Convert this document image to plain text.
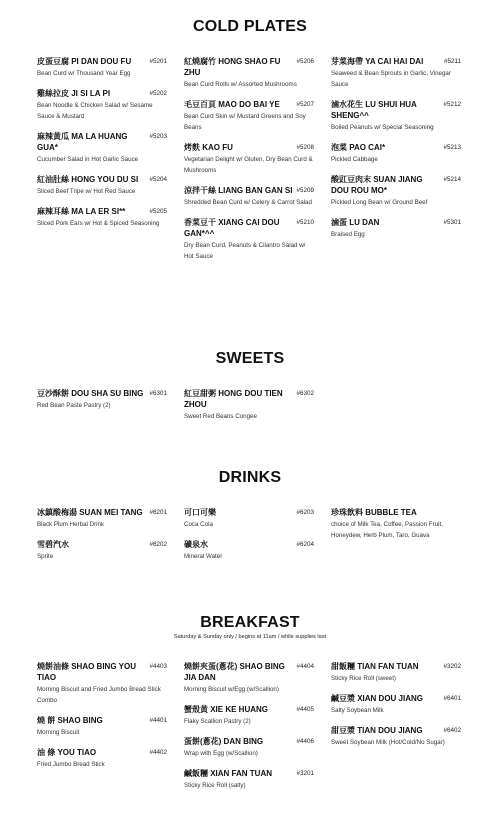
COLD PLATES
皮蛋豆腐 PI DAN DOU FU	#5201
Bean Curd w/ Thousand Year Egg
雞絲拉皮 JI SI LA PI	#5202
Bean Noodle & Chicken Salad w/ Sesame Sauce & Mustard
麻辣黃瓜 MA LA HUANG GUA*
#5203
Cucumber Salad in Hot Garlic Sauce
紅油肚絲 HONG YOU DU SI	#5204
Sliced Beef Tripe w/ Hot Red Sauce
麻辣耳絲 MA LA ER SI**	#5205
Sliced Pork Ears w/ Hot & Spiced Seasoning
紅燒腐竹 HONG SHAO FU ZHU
#5206
Bean Curd Rolls w/ Assorted Mushrooms
毛豆百頁 MAO DO BAI YE	#5207
Bean Curd Skin w/ Mustard Greens and Soy Beans
烤麩 KAO FU	#5208
Vegetarian Delight w/ Gluten, Dry Bean Curd & Mushrooms
涼拌干絲 LIANG BAN GAN SI #5209
Shredded Bean Curd w/ Celery & Carrot Salad
香菜豆干 XIANG CAI DOU GAN*^^
#5210
Dry Bean Curd, Peanuts & Cilantro Salad w/ Hot Sauce
芽菜海帶 YA CAI HAI DAI	#5211
Seaweed & Bean Sprouts in Garlic, Vinegar Sauce
滷水花生 LU SHUI HUA SHENG^^
#5212
Boiled Peanuts w/ Special Seasoning
泡菜 PAO CAI*	#5213
Pickled Cabbage
酸豇豆肉末 SUAN JIANG DOU ROU MO*
#5214
Pickled Long Bean w/ Ground Beef
滷蛋 LU DAN	#5301
Braised Egg
SWEETS
豆沙酥餅 DOU SHA SU BING #6301
Red Bean Paste Pastry (2)
紅豆甜粥 HONG DOU TIEN ZHOU
#6302
Sweet Red Beans Congee
DRINKS
冰鎮酸梅湯 SUAN MEI TANG	#6201
Black Plum Herbal Drink
雪碧汽水	#6202
Sprite
可口可樂	#6203
Coca Cola
礦泉水	#6204
Mineral Water
珍珠飲料 BUBBLE TEA
choice of Milk Tea, Coffee, Passion Fruit, Honeydew, Herb Plum, Taro, Guava
BREAKFAST
Saturday & Sunday only / begins at 11am / while supplies last
燒餅油條 SHAO BING YOU TIAO
#4403
Morning Biscuit and Fried Jumbo Bread Stick Combo
燒 餅 SHAO BING	#4401
Morning Biscuit
油 條 YOU TIAO	#4402
Fried Jumbo Bread Stick
燒餅夾蛋(蔥花) SHAO BING JIA DAN
#4404
Morning Biscuit w/Egg (w/Scallion)
蟹殼黃 XIE KE HUANG	#4405
Flaky Scallion Pastry (2)
蛋餅(蔥花) DAN BING	#4406
Wrap with Egg (w/Scallion)
鹹飯糰 XIAN FAN TUAN	#3201
Sticky Rice Roll (salty)
甜飯糰 TIAN FAN TUAN	#3202
Sticky Rice Roll (sweet)
鹹豆漿 XIAN DOU JIANG	#6401
Salty Soybean Milk
甜豆漿 TIAN DOU JIANG	#6402
Sweet Soybean Milk (Hot/Cold/No Sugar)
